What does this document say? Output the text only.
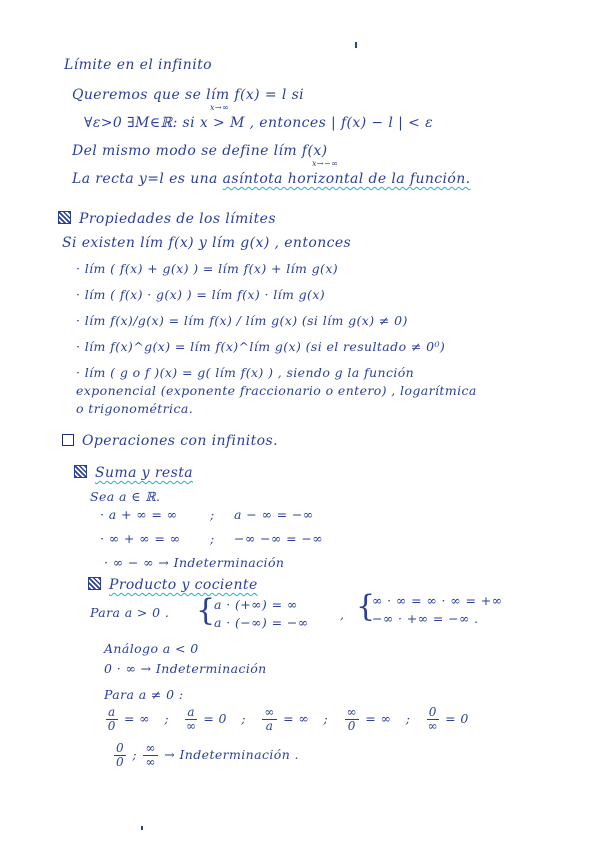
Límite en el infinito
Queremos que se lím f(x) = l si
x→∞
∀ε>0 ∃M∈ℝ: si x > M , entonces | f(x) − l | < ε
Del mismo modo se define lím f(x)
x→−∞
La recta y=l es una asíntota horizontal de la función.
Propiedades de los límites
Si existen lím f(x) y lím g(x) , entonces
· lím ( f(x) + g(x) ) = lím f(x) + lím g(x)
· lím ( f(x) · g(x) ) = lím f(x) · lím g(x)
· lím f(x)/g(x) = lím f(x) / lím g(x) (si lím g(x) ≠ 0)
· lím f(x)^g(x) = lím f(x)^lím g(x) (si el resultado ≠ 0⁰)
· lím ( g o f )(x) = g( lím f(x) ) , siendo g la función
exponencial (exponente fraccionario o entero) , logarítmica
o trigonométrica.
Operaciones con infinitos.
Suma y resta
Sea a ∈ ℝ.
· a + ∞ = ∞	; a − ∞ = −∞
· ∞ + ∞ = ∞ ; −∞ −∞ = −∞
· ∞ − ∞ → Indeterminación
Producto y cociente
Para a > 0 . {
a · (+∞) = ∞
a · (−∞) = −∞
, {
∞ · ∞ = ∞ · ∞ = +∞
−∞ · +∞ = −∞ .
Análogo a < 0
0 · ∞ → Indeterminación
Para a ≠ 0 :
$\frac{a}{0}$ = ∞ ; $\frac{a}{\infty} = 0$ ; $\frac{\infty}{a}$ = ∞ ; $\frac{\infty}{0}$ = ∞ ; $\frac{0}{\infty} = 0$
$\frac{0}{0}$ ; $\frac{\infty}{\infty}$ → Indeterminación .
